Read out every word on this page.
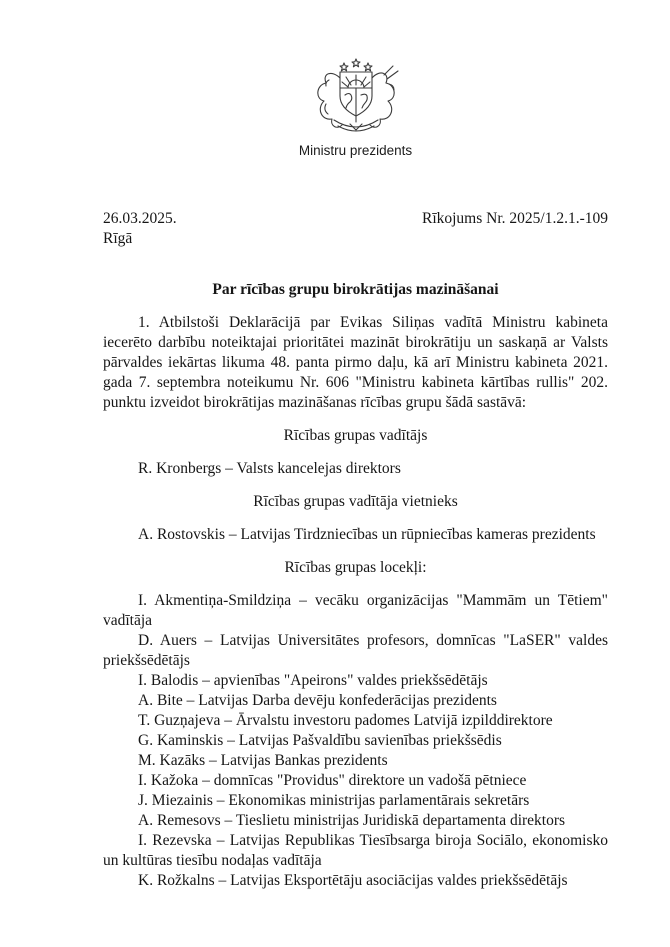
Ministru prezidents
26.03.2025.
Rīgā
Rīkojums Nr. 2025/1.2.1.-109
Par rīcības grupu birokrātijas mazināšanai

1. Atbilstoši Deklarācijā par Evikas Siliņas vadītā Ministru kabineta iecerēto darbību noteiktajai prioritātei mazināt birokrātiju un saskaņā ar Valsts pārvaldes iekārtas likuma 48. panta pirmo daļu, kā arī Ministru kabineta 2021. gada 7. septembra noteikumu Nr. 606 "Ministru kabineta kārtības rullis" 202. punktu izveidot birokrātijas mazināšanas rīcības grupu šādā sastāvā:

Rīcības grupas vadītājs

R. Kronbergs – Valsts kancelejas direktors

Rīcības grupas vadītāja vietnieks

A. Rostovskis – Latvijas Tirdzniecības un rūpniecības kameras prezidents

Rīcības grupas locekļi:

I. Akmentiņa-Smildziņa – vecāku organizācijas "Mammām un Tētiem" vadītāja

D. Auers – Latvijas Universitātes profesors, domnīcas "LaSER" valdes priekšsēdētājs

I. Balodis – apvienības "Apeirons" valdes priekšsēdētājs

A. Bite – Latvijas Darba devēju konfederācijas prezidents

T. Guzņajeva – Ārvalstu investoru padomes Latvijā izpilddirektore

G. Kaminskis – Latvijas Pašvaldību savienības priekšsēdis

M. Kazāks – Latvijas Bankas prezidents

I. Kažoka – domnīcas "Providus" direktore un vadošā pētniece

J. Miezainis – Ekonomikas ministrijas parlamentārais sekretārs

A. Remesovs – Tieslietu ministrijas Juridiskā departamenta direktors

I. Rezevska – Latvijas Republikas Tiesībsarga biroja Sociālo, ekonomisko un kultūras tiesību nodaļas vadītāja

K. Rožkalns – Latvijas Eksportētāju asociācijas valdes priekšsēdētājs
